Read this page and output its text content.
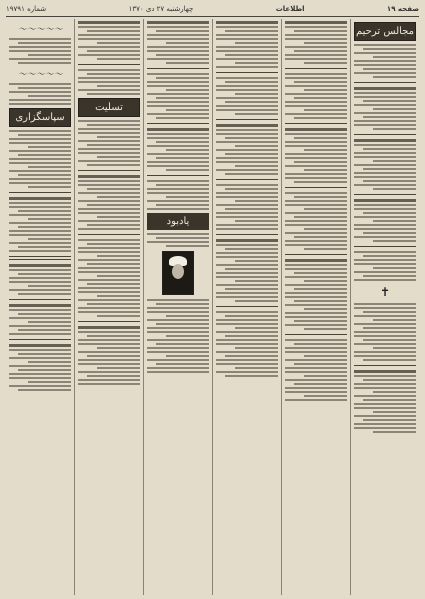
صفحه ۱۹
اطلاعات
چهارشنبه ۲۷ دی ۱۳۷۰
شماره ۱۹۷۹۱
مجالس ترحیم
✝
یادبود
تسلیت
〜〜〜〜〜
〜〜〜〜〜
سپاسگزاری
